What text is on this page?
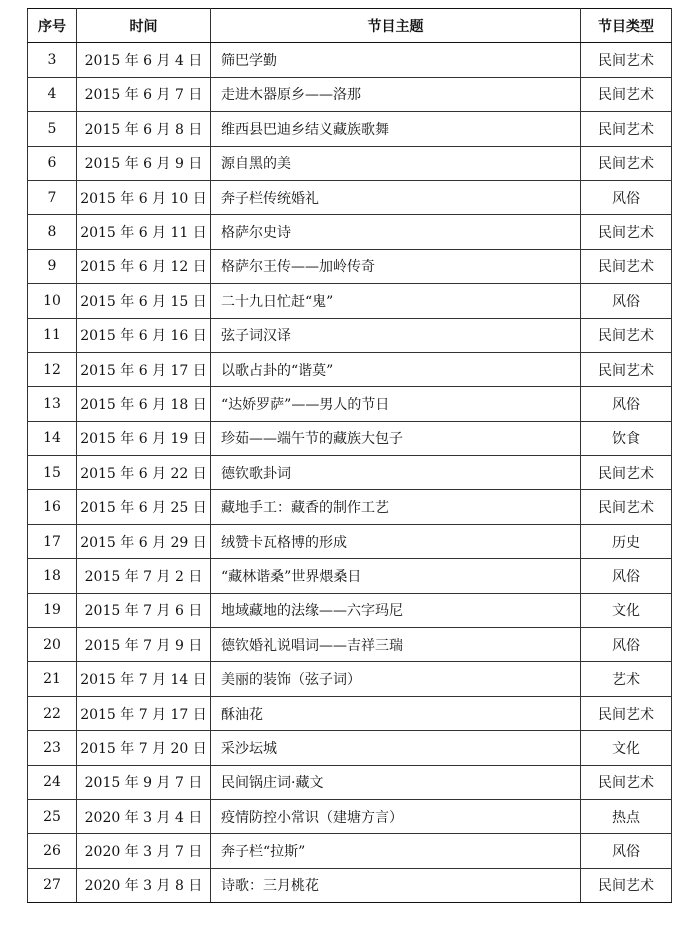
序号	时间	节目主题	节目类型
3	2015 年 6 月 4 日	筛巴学勤	民间艺术
4	2015 年 6 月 7 日	走进木器原乡——洛那	民间艺术
5	2015 年 6 月 8 日	维西县巴迪乡结义藏族歌舞	民间艺术
6	2015 年 6 月 9 日	源自黑的美	民间艺术
7	2015 年 6 月 10 日	奔子栏传统婚礼	风俗
8	2015 年 6 月 11 日	格萨尔史诗	民间艺术
9	2015 年 6 月 12 日	格萨尔王传——加岭传奇	民间艺术
10	2015 年 6 月 15 日	二十九日忙赶“鬼”	风俗
11	2015 年 6 月 16 日	弦子词汉译	民间艺术
12	2015 年 6 月 17 日	以歌占卦的“谐莫”	民间艺术
13	2015 年 6 月 18 日	“达娇罗萨”——男人的节日	风俗
14	2015 年 6 月 19 日	珍茹——端午节的藏族大包子	饮食
15	2015 年 6 月 22 日	德钦歌卦词	民间艺术
16	2015 年 6 月 25 日	藏地手工：藏香的制作工艺	民间艺术
17	2015 年 6 月 29 日	绒赞卡瓦格博的形成	历史
18	2015 年 7 月 2 日	“藏林谐桑”世界煨桑日	风俗
19	2015 年 7 月 6 日	地域藏地的法缘——六字玛尼	文化
20	2015 年 7 月 9 日	德钦婚礼说唱词——吉祥三瑞	风俗
21	2015 年 7 月 14 日	美丽的装饰（弦子词）	艺术
22	2015 年 7 月 17 日	酥油花	民间艺术
23	2015 年 7 月 20 日	采沙坛城	文化
24	2015 年 9 月 7 日	民间锅庄词·藏文	民间艺术
25	2020 年 3 月 4 日	疫情防控小常识（建塘方言）	热点
26	2020 年 3 月 7 日	奔子栏“拉斯”	风俗
27	2020 年 3 月 8 日	诗歌：三月桃花	民间艺术
